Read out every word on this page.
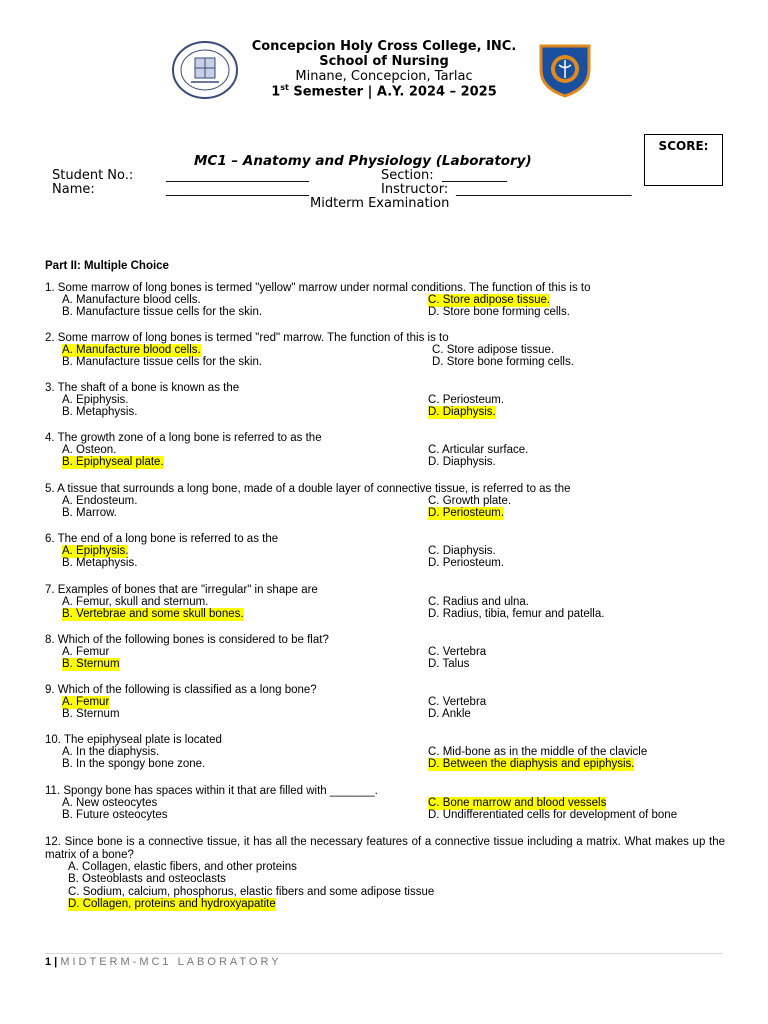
Concepcion Holy Cross College, INC.
School of Nursing
Minane, Concepcion, Tarlac
1st Semester | A.Y. 2024 – 2025
SCORE:
MC1 – Anatomy and Physiology (Laboratory)
Student No.:	______________________	Section: __________
Name:	______________________	Instructor: ___________________________
Midterm Examination
Part II: Multiple Choice
1. Some marrow of long bones is termed "yellow" marrow under normal conditions. The function of this is to
A. Manufacture blood cells.
B. Manufacture tissue cells for the skin.
C. Store adipose tissue.
D. Store bone forming cells.
2. Some marrow of long bones is termed "red" marrow. The function of this is to
A. Manufacture blood cells.
B. Manufacture tissue cells for the skin.
C. Store adipose tissue.
D. Store bone forming cells.
3. The shaft of a bone is known as the
A. Epiphysis.
B. Metaphysis.
C. Periosteum.
D. Diaphysis.
4. The growth zone of a long bone is referred to as the
A. Osteon.
B. Epiphyseal plate.
C. Articular surface.
D. Diaphysis.
5. A tissue that surrounds a long bone, made of a double layer of connective tissue, is referred to as the
A. Endosteum.
B. Marrow.
C. Growth plate.
D. Periosteum.
6. The end of a long bone is referred to as the
A. Epiphysis.
B. Metaphysis.
C. Diaphysis.
D. Periosteum.
7. Examples of bones that are "irregular" in shape are
A. Femur, skull and sternum.
B. Vertebrae and some skull bones.
C. Radius and ulna.
D. Radius, tibia, femur and patella.
8. Which of the following bones is considered to be flat?
A. Femur
B. Sternum
C. Vertebra
D. Talus
9. Which of the following is classified as a long bone?
A. Femur
B. Sternum
C. Vertebra
D. Ankle
10. The epiphyseal plate is located
A. In the diaphysis.
B. In the spongy bone zone.
C. Mid-bone as in the middle of the clavicle
D. Between the diaphysis and epiphysis.
11. Spongy bone has spaces within it that are filled with _______.
A. New osteocytes
B. Future osteocytes
C. Bone marrow and blood vessels
D. Undifferentiated cells for development of bone
12. Since bone is a connective tissue, it has all the necessary features of a connective tissue including a matrix. What makes up the matrix of a bone?
A. Collagen, elastic fibers, and other proteins
B. Osteoblasts and osteoclasts
C. Sodium, calcium, phosphorus, elastic fibers and some adipose tissue
D. Collagen, proteins and hydroxyapatite
1 | MIDTERM-MC1 LABORATORY
